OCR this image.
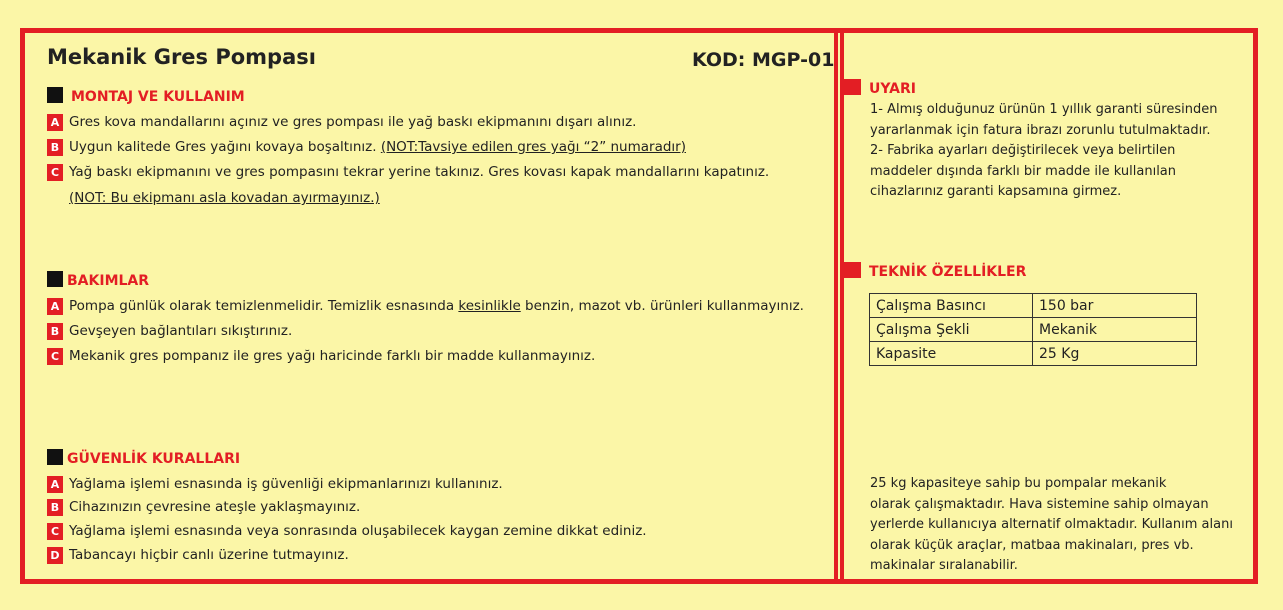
Mekanik Gres Pompası	KOD: MGP-01
MONTAJ VE KULLANIM
A Gres kova mandallarını açınız ve gres pompası ile yağ baskı ekipmanını dışarı alınız.
B Uygun kalitede Gres yağını kovaya boşaltınız. (NOT:Tavsiye edilen gres yağı “2” numaradır)
C Yağ baskı ekipmanını ve gres pompasını tekrar yerine takınız. Gres kovası kapak mandallarını kapatınız.
(NOT: Bu ekipmanı asla kovadan ayırmayınız.)
BAKIMLAR
A Pompa günlük olarak temizlenmelidir. Temizlik esnasında kesinlikle benzin, mazot vb. ürünleri kullanmayınız.
B Gevşeyen bağlantıları sıkıştırınız.
C Mekanik gres pompanız ile gres yağı haricinde farklı bir madde kullanmayınız.
GÜVENLİK KURALLARI
A Yağlama işlemi esnasında iş güvenliği ekipmanlarınızı kullanınız.
B Cihazınızın çevresine ateşle yaklaşmayınız.
C Yağlama işlemi esnasında veya sonrasında oluşabilecek kaygan zemine dikkat ediniz.
D Tabancayı hiçbir canlı üzerine tutmayınız.
UYARI
1- Almış olduğunuz ürünün 1 yıllık garanti süresinden
yararlanmak için fatura ibrazı zorunlu tutulmaktadır.
2- Fabrika ayarları değiştirilecek veya belirtilen
maddeler dışında farklı bir madde ile kullanılan
cihazlarınız garanti kapsamına girmez.
TEKNİK ÖZELLİKLER
Çalışma Basıncı	150 bar
Çalışma Şekli	Mekanik
Kapasite	25 Kg
25 kg kapasiteye sahip bu pompalar mekanik
olarak çalışmaktadır. Hava sistemine sahip olmayan
yerlerde kullanıcıya alternatif olmaktadır. Kullanım alanı
olarak küçük araçlar, matbaa makinaları, pres vb.
makinalar sıralanabilir.
